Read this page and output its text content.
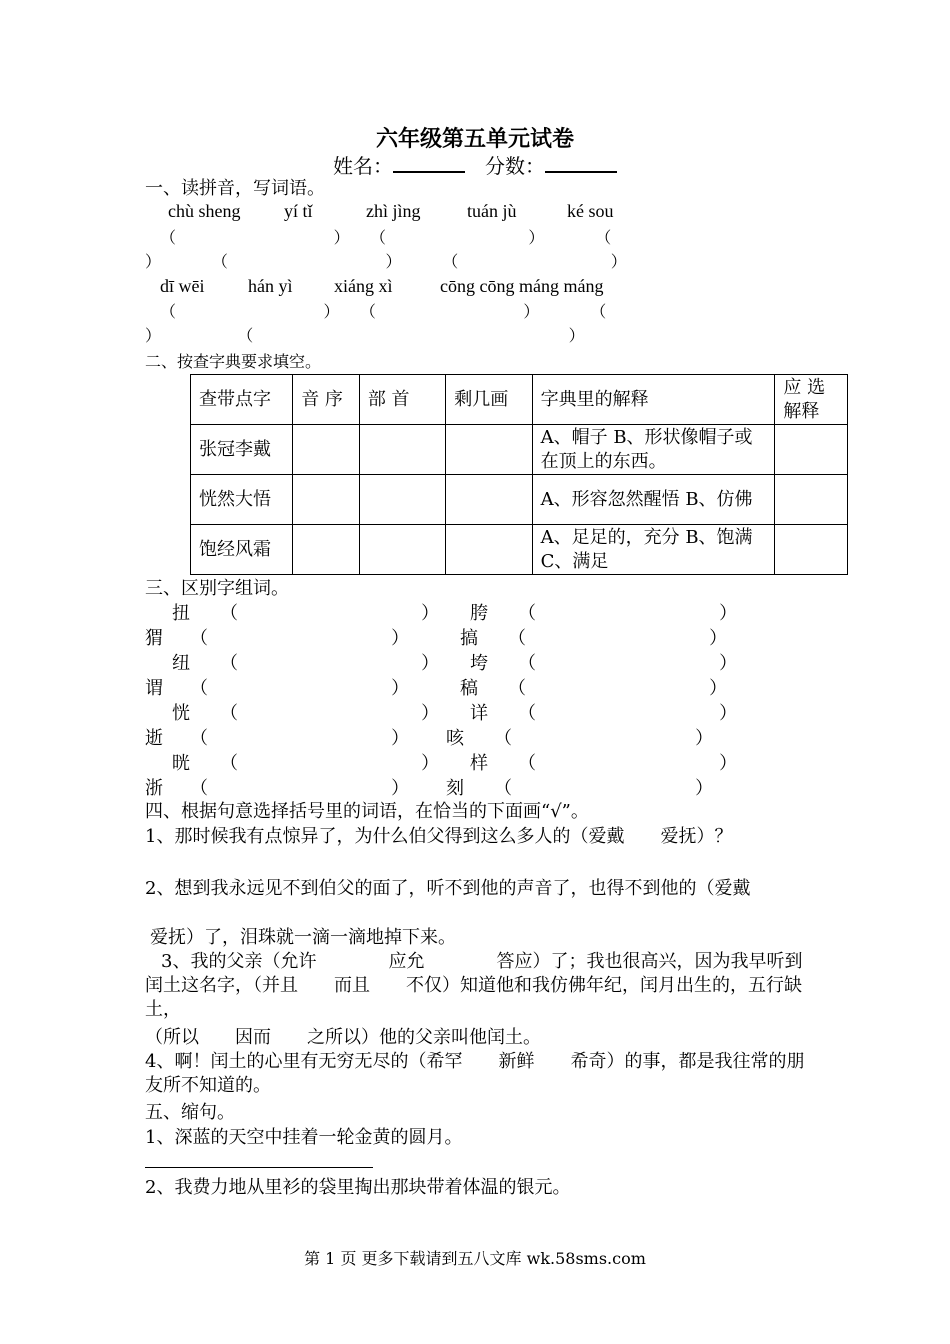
六年级第五单元试卷
姓名：　	分数：
一、读拼音，写词语。
chù sheng yí tǐ	zhì jìng	tuán jù	ké sou
（                               ）    （                            ）          （
）          （                               ）        （                              ）
dī wēi hán yì xiáng xì	cōng cōng máng máng
（                             ）    （                             ）          （
）               （                                                              ）
二、按查字典要求填空。
查带点字	音 序	部 首	剩几画	字典里的解释	应 选 解释
张冠李戴				A、帽子 B、形状像帽子或在顶上的东西。	
恍然大悟				A、形容忽然醒悟 B、仿佛	
饱经风霜				A、足足的，充分 B、饱满 C、满足	
三、区别字组词。
扭 （                                ） 胯 （                                ）
猬 （                                ）	搞 （                                ）
纽 （                                ） 垮 （                                ）
谓 （                                ）	稿 （                                ）
恍 （                                ） 详 （                                ）
逝 （                                ） 咳 （                                ）
晄 （                                ） 样 （                                ）
浙 （                                ） 刻 （                                ）
四、根据句意选择括号里的词语，在恰当的下面画“√”。
1、那时候我有点惊异了，为什么伯父得到这么多人的（爱戴　　爱抚）？
2、想到我永远见不到伯父的面了，听不到他的声音了，也得不到他的（爱戴
爱抚）了，泪珠就一滴一滴地掉下来。
3、我的父亲（允许　　　　应允　　　　答应）了；我也很高兴，因为我早听到闰土这名字，（并且　　而且　　不仅）知道他和我仿佛年纪，闰月出生的，五行缺土，
（所以　　因而　　之所以）他的父亲叫他闰土。
4、啊！闰土的心里有无穷无尽的（希罕　　新鲜　　希奇）的事，都是我往常的朋友所不知道的。
五、缩句。
1、深蓝的天空中挂着一轮金黄的圆月。
2、我费力地从里衫的袋里掏出那块带着体温的银元。
第 1 页 更多下载请到五八文库 wk.58sms.com
